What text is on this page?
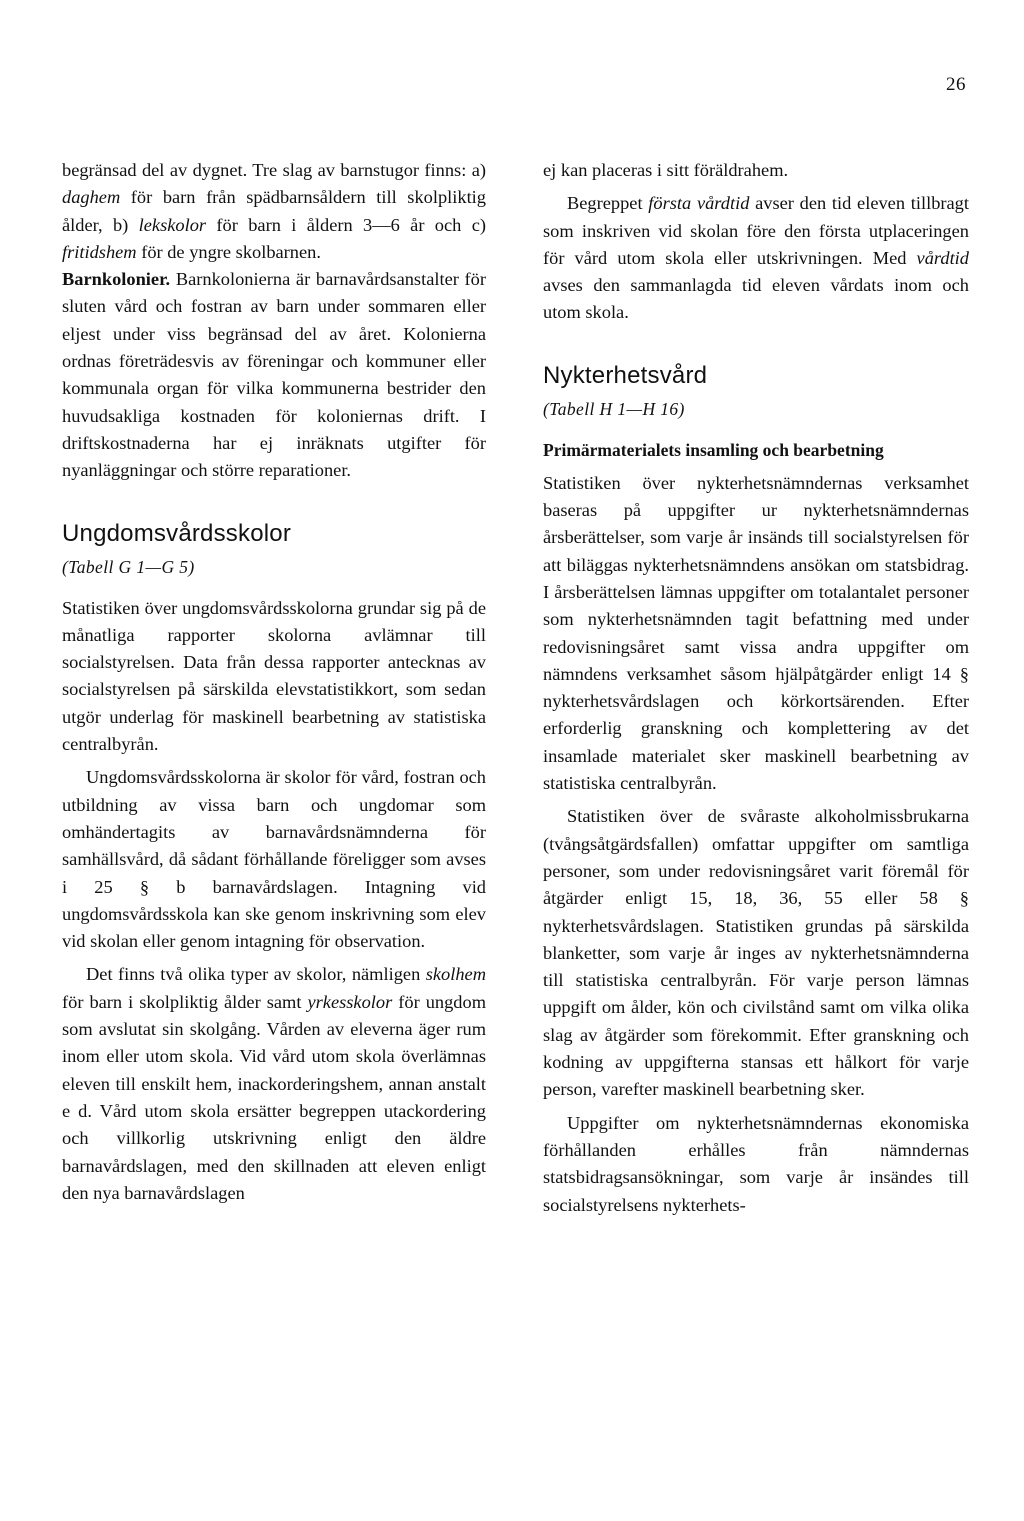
26

begränsad del av dygnet. Tre slag av barnstugor finns: a) daghem för barn från spädbarnsåldern till skolpliktig ålder, b) lekskolor för barn i åldern 3—6 år och c) fritidshem för de yngre skolbarnen.

Barnkolonier. Barnkolonierna är barnavårdsanstalter för sluten vård och fostran av barn under sommaren eller eljest under viss begränsad del av året. Kolonierna ordnas företrädesvis av föreningar och kommuner eller kommunala organ för vilka kommunerna bestrider den huvudsakliga kostnaden för koloniernas drift. I driftskostnaderna har ej inräknats utgifter för nyanläggningar och större reparationer.

Ungdomsvårdsskolor
(Tabell G 1—G 5)

Statistiken över ungdomsvårdsskolorna grundar sig på de månatliga rapporter skolorna avlämnar till socialstyrelsen. Data från dessa rapporter antecknas av socialstyrelsen på särskilda elevstatistikkort, som sedan utgör underlag för maskinell bearbetning av statistiska centralbyrån.

Ungdomsvårdsskolorna är skolor för vård, fostran och utbildning av vissa barn och ungdomar som omhändertagits av barnavårdsnämnderna för samhällsvård, då sådant förhållande föreligger som avses i 25 § b barnavårdslagen. Intagning vid ungdomsvårdsskola kan ske genom inskrivning som elev vid skolan eller genom intagning för observation.

Det finns två olika typer av skolor, nämligen skolhem för barn i skolpliktig ålder samt yrkesskolor för ungdom som avslutat sin skolgång. Vården av eleverna äger rum inom eller utom skola. Vid vård utom skola överlämnas eleven till enskilt hem, inackorderingshem, annan anstalt e d. Vård utom skola ersätter begreppen utackordering och villkorlig utskrivning enligt den äldre barnavårdslagen, med den skillnaden att eleven enligt den nya barnavårdslagen

ej kan placeras i sitt föräldrahem.

Begreppet första vårdtid avser den tid eleven tillbragt som inskriven vid skolan före den första utplaceringen för vård utom skola eller utskrivningen. Med vårdtid avses den sammanlagda tid eleven vårdats inom och utom skola.

Nykterhetsvård
(Tabell H 1—H 16)
Primärmaterialets insamling och bearbetning

Statistiken över nykterhetsnämndernas verksamhet baseras på uppgifter ur nykterhetsnämndernas årsberättelser, som varje år insänds till socialstyrelsen för att biläggas nykterhetsnämndens ansökan om statsbidrag. I årsberättelsen lämnas uppgifter om totalantalet personer som nykterhetsnämnden tagit befattning med under redovisningsåret samt vissa andra uppgifter om nämndens verksamhet såsom hjälpåtgärder enligt 14 § nykterhetsvårdslagen och körkortsärenden. Efter erforderlig granskning och komplettering av det insamlade materialet sker maskinell bearbetning av statistiska centralbyrån.

Statistiken över de svåraste alkoholmissbrukarna (tvångsåtgärdsfallen) omfattar uppgifter om samtliga personer, som under redovisningsåret varit föremål för åtgärder enligt 15, 18, 36, 55 eller 58 § nykterhetsvårdslagen. Statistiken grundas på särskilda blanketter, som varje år inges av nykterhetsnämnderna till statistiska centralbyrån. För varje person lämnas uppgift om ålder, kön och civilstånd samt om vilka olika slag av åtgärder som förekommit. Efter granskning och kodning av uppgifterna stansas ett hålkort för varje person, varefter maskinell bearbetning sker.

Uppgifter om nykterhetsnämndernas ekonomiska förhållanden erhålles från nämndernas statsbidragsansökningar, som varje år insändes till socialstyrelsens nykterhets-
